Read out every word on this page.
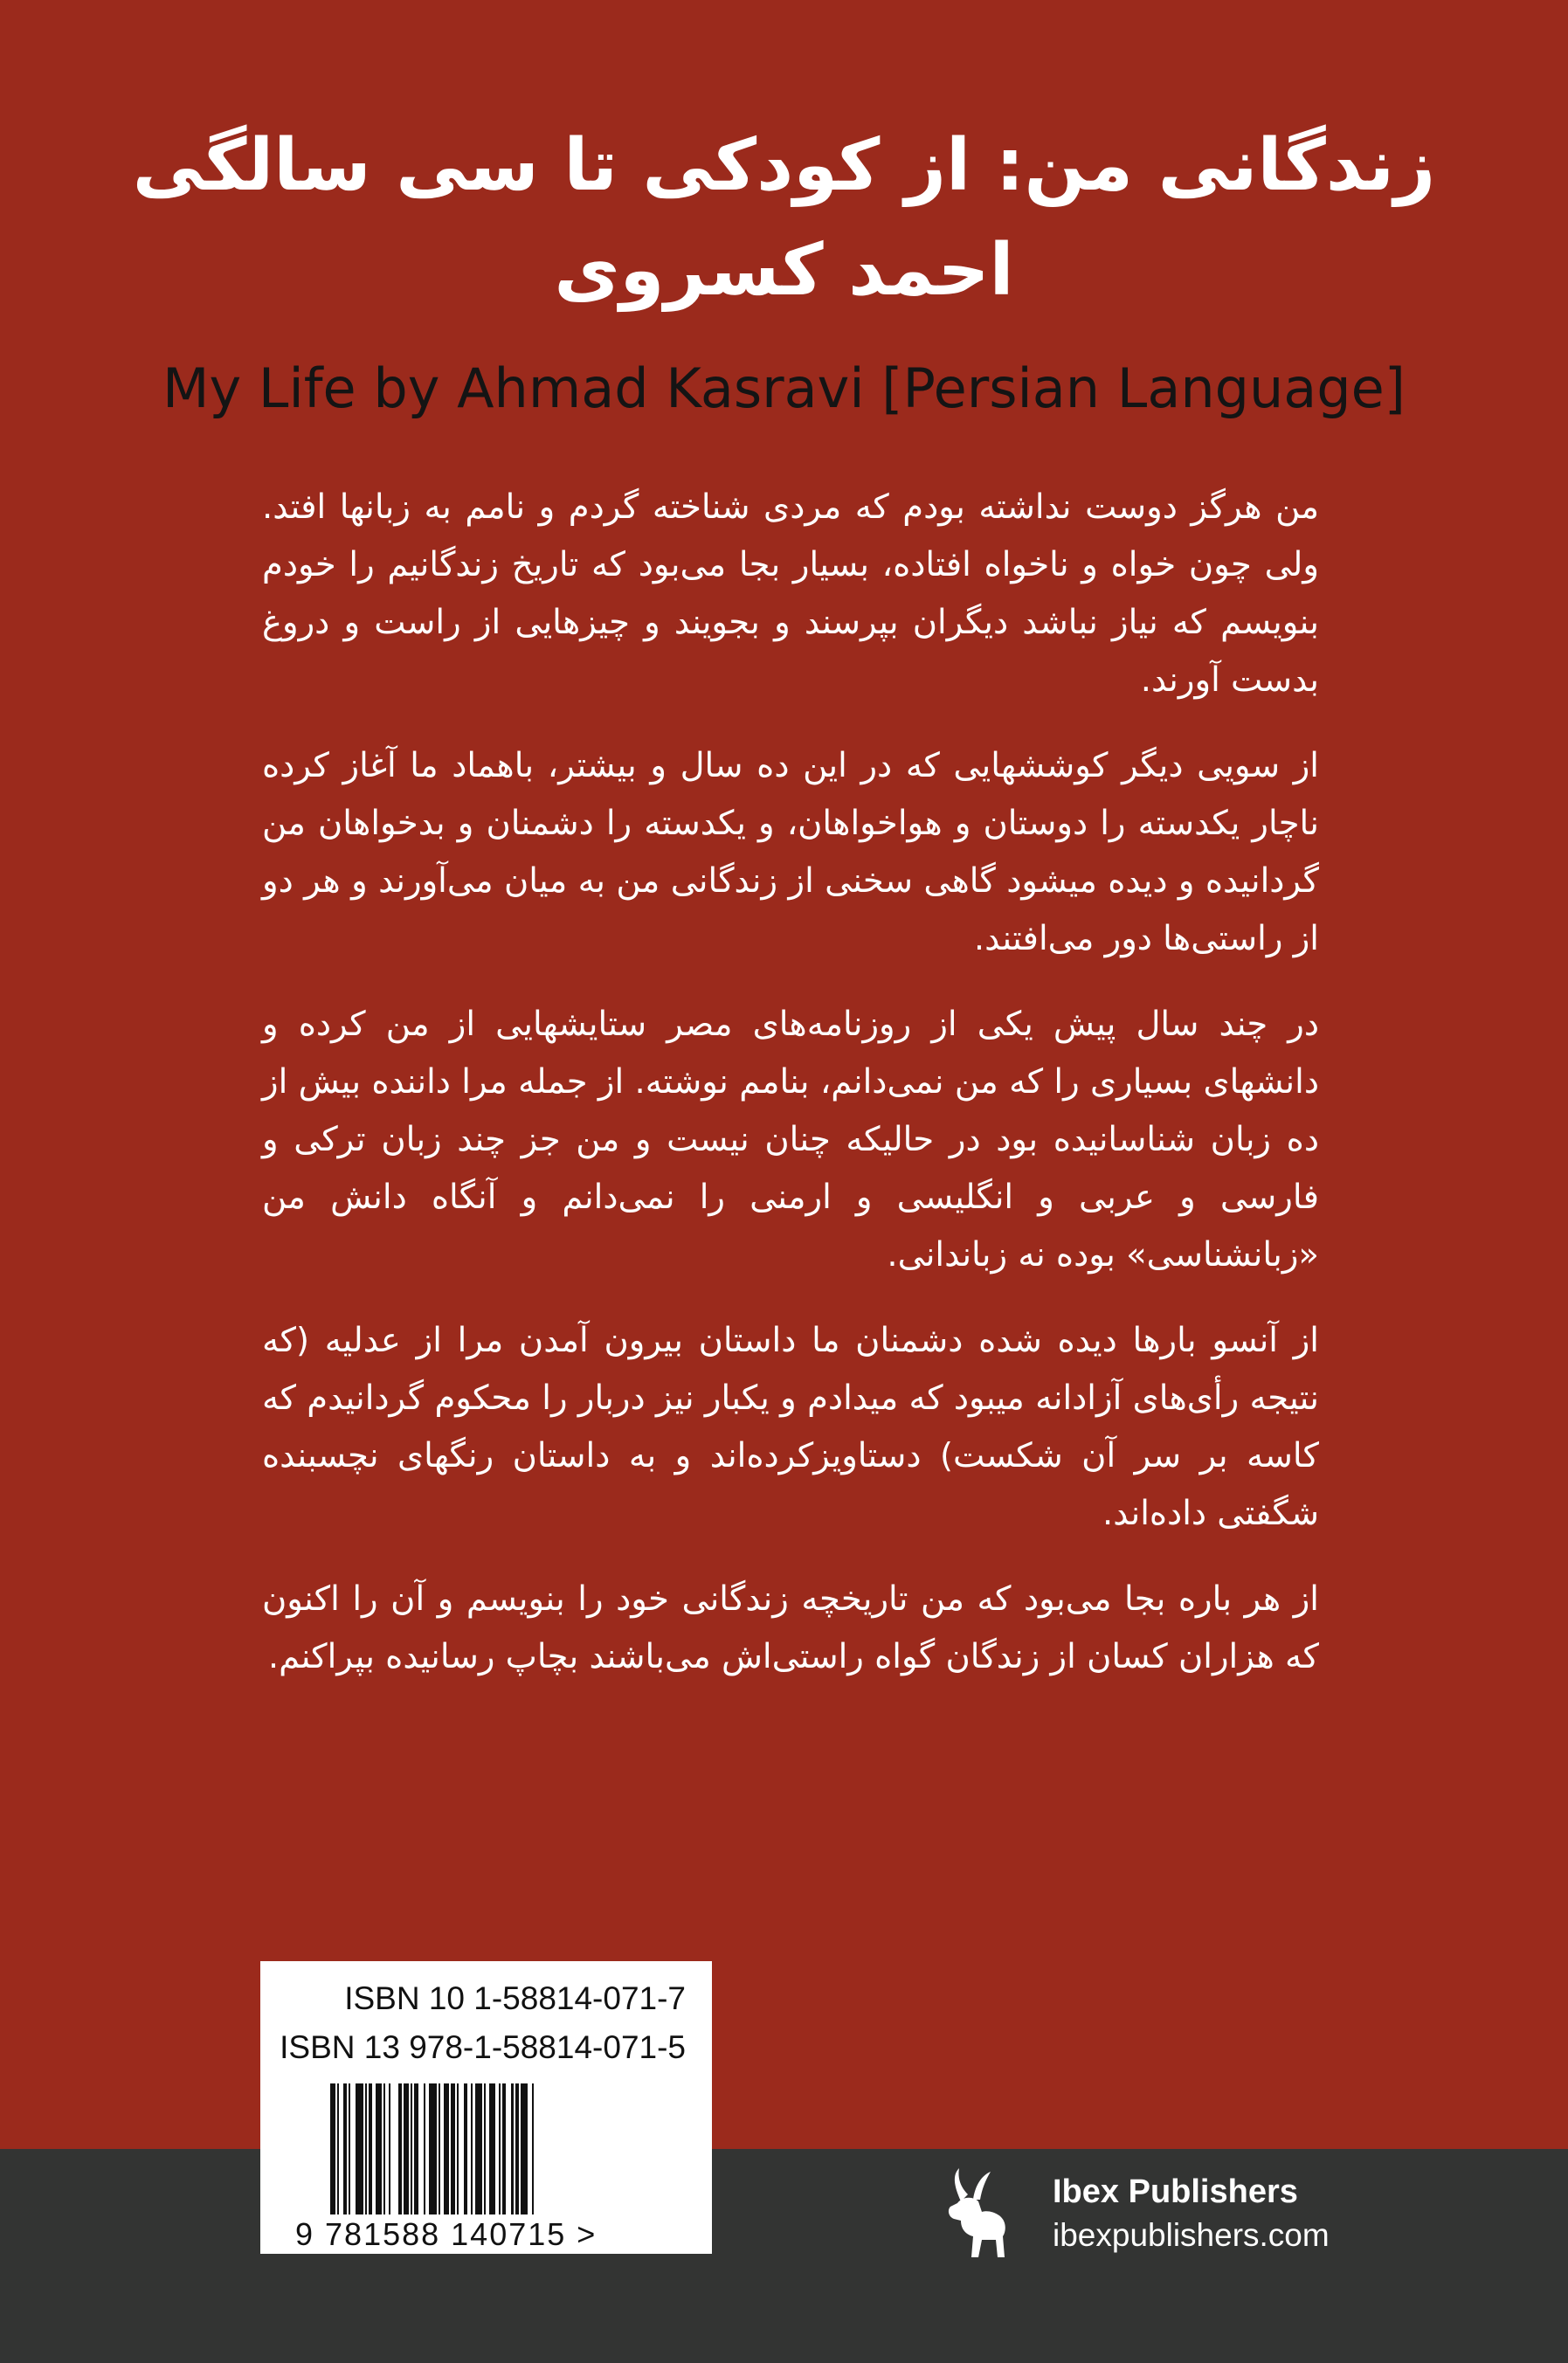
زندگانی من: از کودکی تا سی سالگی
احمد کسروی
My Life by Ahmad Kasravi [Persian Language]

من هرگز دوست نداشته بودم که مردی شناخته گردم و نامم به زبانها افتد. ولی چون خواه و ناخواه افتاده، بسیار بجا می‌بود که تاریخ زندگانیم را خودم بنویسم که نیاز نباشد دیگران بپرسند و بجویند و چیزهایی از راست و دروغ بدست آورند.

از سویی دیگر کوششهایی که در این ده سال و بیشتر، باهماد ما آغاز کرده ناچار یکدسته را دوستان و هواخواهان، و یکدسته را دشمنان و بدخواهان من گردانیده و دیده میشود گاهی سخنی از زندگانی من به میان می‌آورند و هر دو از راستی‌ها دور می‌افتند.

در چند سال پیش یکی از روزنامه‌های مصر ستایشهایی از من کرده و دانشهای بسیاری را که من نمی‌دانم، بنامم نوشته. از جمله مرا داننده بیش از ده زبان شناسانیده بود در حالیکه چنان نیست و من جز چند زبان ترکی و فارسی و عربی و انگلیسی و ارمنی را نمی‌دانم و آنگاه دانش من «زبانشناسی» بوده نه زباندانی.

از آنسو بارها دیده شده دشمنان ما داستان بیرون آمدن مرا از عدلیه (که نتیجه رأی‌های آزادانه میبود که میدادم و یکبار نیز دربار را محکوم گردانیدم که کاسه بر سر آن شکست) دستاویزکرده‌اند و به داستان رنگهای نچسبنده شگفتی داده‌اند.

از هر باره بجا می‌بود که من تاریخچه زندگانی خود را بنویسم و آن را اکنون که هزاران کسان از زندگان گواه راستی‌اش می‌باشند بچاپ رسانیده بپراکنم.

ISBN 10 1-58814-071-7
ISBN 13 978-1-58814-071-5
9 781588 140715 >
Ibex Publishers
ibexpublishers.com
